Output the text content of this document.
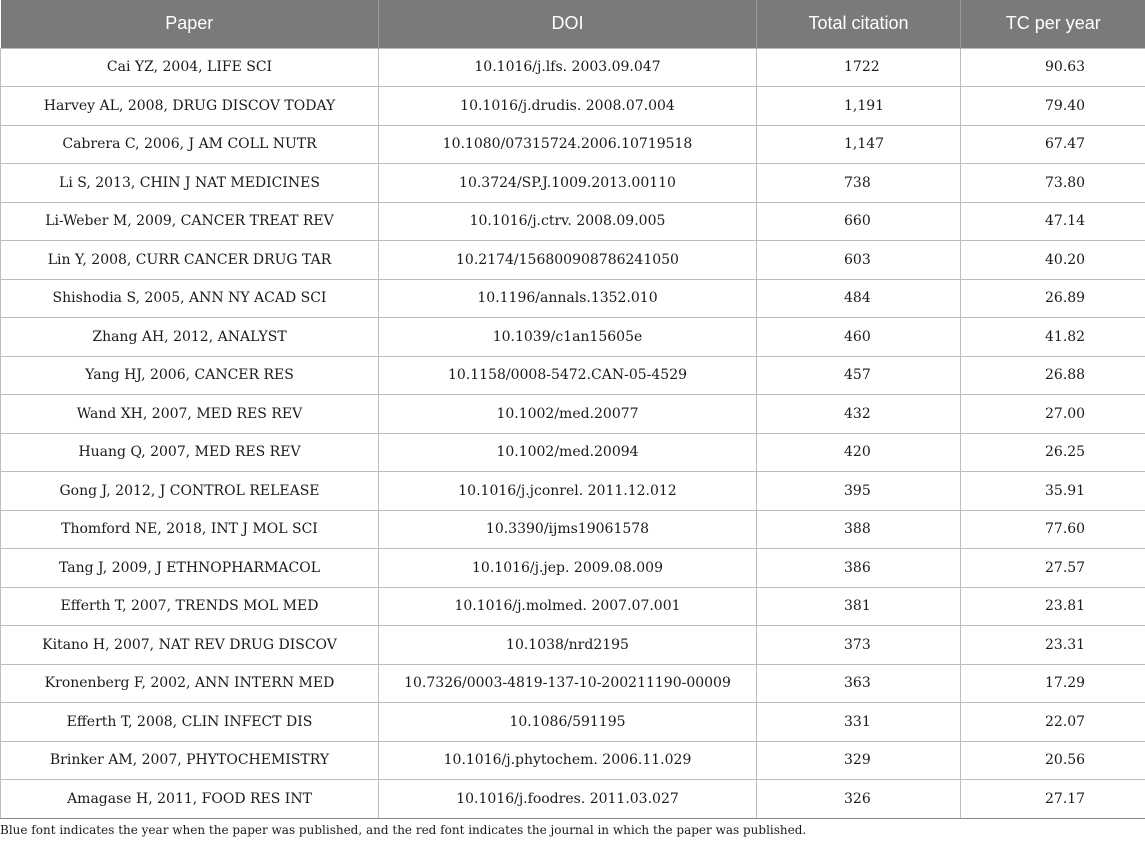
Paper	DOI	Total citation	TC per year
Cai YZ, 2004, LIFE SCI	10.1016/j.lfs. 2003.09.047	1722	90.63
Harvey AL, 2008, DRUG DISCOV TODAY	10.1016/j.drudis. 2008.07.004	1,191	79.40
Cabrera C, 2006, J AM COLL NUTR	10.1080/07315724.2006.10719518	1,147	67.47
Li S, 2013, CHIN J NAT MEDICINES	10.3724/SP.J.1009.2013.00110	738	73.80
Li-Weber M, 2009, CANCER TREAT REV	10.1016/j.ctrv. 2008.09.005	660	47.14
Lin Y, 2008, CURR CANCER DRUG TAR	10.2174/156800908786241050	603	40.20
Shishodia S, 2005, ANN NY ACAD SCI	10.1196/annals.1352.010	484	26.89
Zhang AH, 2012, ANALYST	10.1039/c1an15605e	460	41.82
Yang HJ, 2006, CANCER RES	10.1158/0008-5472.CAN-05-4529	457	26.88
Wand XH, 2007, MED RES REV	10.1002/med.20077	432	27.00
Huang Q, 2007, MED RES REV	10.1002/med.20094	420	26.25
Gong J, 2012, J CONTROL RELEASE	10.1016/j.jconrel. 2011.12.012	395	35.91
Thomford NE, 2018, INT J MOL SCI	10.3390/ijms19061578	388	77.60
Tang J, 2009, J ETHNOPHARMACOL	10.1016/j.jep. 2009.08.009	386	27.57
Efferth T, 2007, TRENDS MOL MED	10.1016/j.molmed. 2007.07.001	381	23.81
Kitano H, 2007, NAT REV DRUG DISCOV	10.1038/nrd2195	373	23.31
Kronenberg F, 2002, ANN INTERN MED	10.7326/0003-4819-137-10-200211190-00009	363	17.29
Efferth T, 2008, CLIN INFECT DIS	10.1086/591195	331	22.07
Brinker AM, 2007, PHYTOCHEMISTRY	10.1016/j.phytochem. 2006.11.029	329	20.56
Amagase H, 2011, FOOD RES INT	10.1016/j.foodres. 2011.03.027	326	27.17
Blue font indicates the year when the paper was published, and the red font indicates the journal in which the paper was published.
